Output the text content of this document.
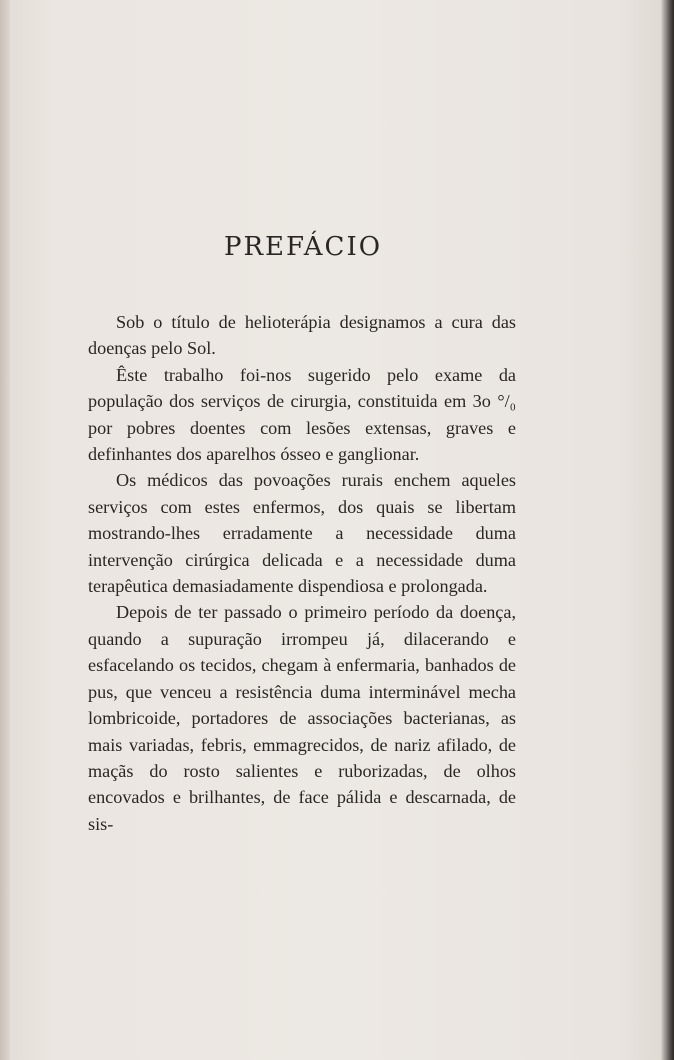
PREFÁCIO

Sob o título de helioterápia designamos a cura das doenças pelo Sol.

Êste trabalho foi-nos sugerido pelo exame da população dos serviços de cirurgia, constituida em 3o °/₀ por pobres doentes com lesões extensas, graves e definhantes dos aparelhos ósseo e ganglionar.

Os médicos das povoações rurais enchem aqueles serviços com estes enfermos, dos quais se libertam mostrando-lhes erradamente a necessidade duma intervenção cirúrgica delicada e a necessidade duma terapêutica demasiadamente dispendiosa e prolongada.

Depois de ter passado o primeiro período da doença, quando a supuração irrompeu já, dilacerando e esfacelando os tecidos, chegam à enfermaria, banhados de pus, que venceu a resistência duma interminável mecha lombricoide, portadores de associações bacterianas, as mais variadas, febris, emmagrecidos, de nariz afilado, de maçãs do rosto salientes e ruborizadas, de olhos encovados e brilhantes, de face pálida e descarnada, de sis-
